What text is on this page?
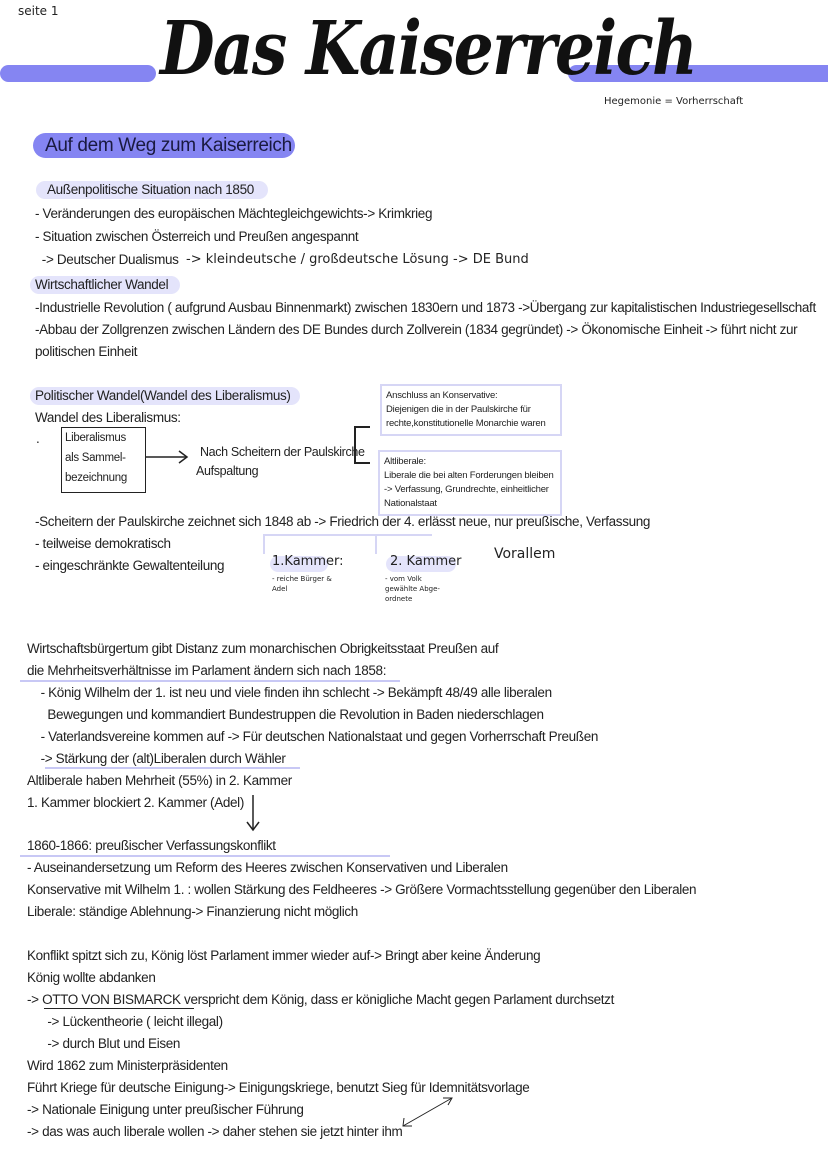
seite 1 Das Kaiserreich
Hegemonie = Vorherrschaft
Auf dem Weg zum Kaiserreich
Außenpolitische Situation nach 1850
- Veränderungen des europäischen Mächtegleichgewichts-> Krimkrieg
- Situation zwischen Österreich und Preußen angespannt
-> Deutscher Dualismus -> kleindeutsche / großdeutsche Lösung -> DE Bund
Wirtschaftlicher Wandel
-Industrielle Revolution ( aufgrund Ausbau Binnenmarkt) zwischen 1830ern und 1873 ->Übergang zur kapitalistischen Industriegesellschaft
-Abbau der Zollgrenzen zwischen Ländern des DE Bundes durch Zollverein (1834 gegründet) -> Ökonomische Einheit -> führt nicht zur
politischen Einheit
Politischer Wandel(Wandel des Liberalismus)
Wandel des Liberalismus:
. Liberalismus
als Sammel-
bezeichnung
Nach Scheitern der Paulskirche
Aufspaltung
Anschluss an Konservative:
Diejenigen die in der Paulskirche für
rechte,konstitutionelle Monarchie waren
Altliberale:
Liberale die bei alten Forderungen bleiben
-> Verfassung, Grundrechte, einheitlicher
Nationalstaat
-Scheitern der Paulskirche zeichnet sich 1848 ab -> Friedrich der 4. erlässt neue, nur preußische, Verfassung
- teilweise demokratisch
- eingeschränkte Gewaltenteilung	1.Kammer:
- reiche Bürger &
Adel
2. Kammer
- vom Volk
gewählte Abge-
ordnete
Vorallem
Wirtschaftsbürgertum gibt Distanz zum monarchischen Obrigkeitsstaat Preußen auf
die Mehrheitsverhältnisse im Parlament ändern sich nach 1858:
- König Wilhelm der 1. ist neu und viele finden ihn schlecht -> Bekämpft 48/49 alle liberalen
Bewegungen und kommandiert Bundestruppen die Revolution in Baden niederschlagen
- Vaterlandsvereine kommen auf -> Für deutschen Nationalstaat und gegen Vorherrschaft Preußen
-> Stärkung der (alt)Liberalen durch Wähler
Altliberale haben Mehrheit (55%) in 2. Kammer
1. Kammer blockiert 2. Kammer (Adel)
1860-1866: preußischer Verfassungskonflikt
- Auseinandersetzung um Reform des Heeres zwischen Konservativen und Liberalen
Konservative mit Wilhelm 1. : wollen Stärkung des Feldheeres -> Größere Vormachtsstellung gegenüber den Liberalen
Liberale: ständige Ablehnung-> Finanzierung nicht möglich
Konflikt spitzt sich zu, König löst Parlament immer wieder auf-> Bringt aber keine Änderung
König wollte abdanken
-> OTTO VON BISMARCK verspricht dem König, dass er königliche Macht gegen Parlament durchsetzt
-> Lückentheorie ( leicht illegal)
-> durch Blut und Eisen
Wird 1862 zum Ministerpräsidenten
Führt Kriege für deutsche Einigung-> Einigungskriege, benutzt Sieg für Idemnitätsvorlage
-> Nationale Einigung unter preußischer Führung
-> das was auch liberale wollen -> daher stehen sie jetzt hinter ihm
